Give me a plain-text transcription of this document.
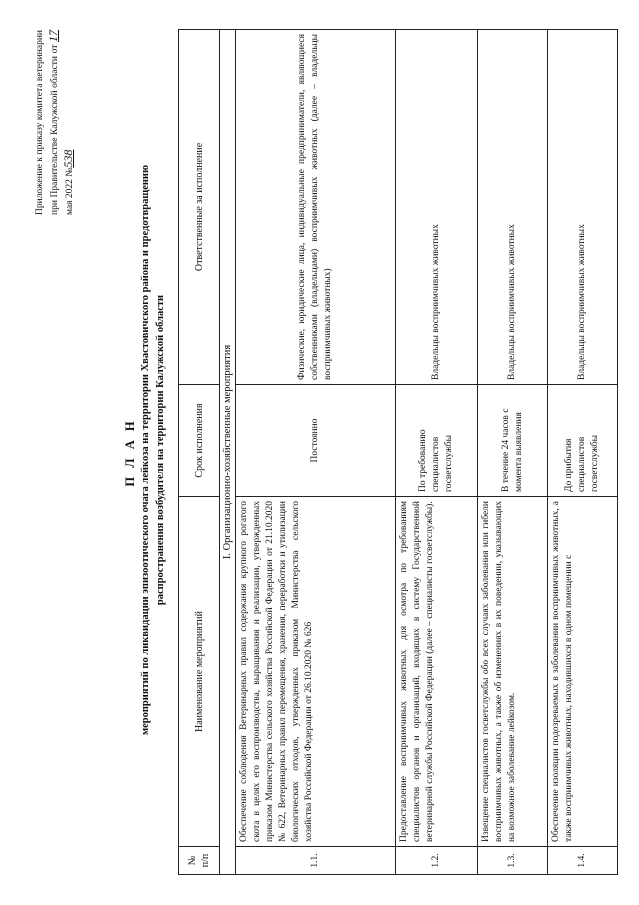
Приложение к приказу комитета ветеринарии при Правительстве Калужской области от 17 мая 2022 №538
П Л А Н мероприятий по ликвидации эпизоотического очага лейкоза на территории Хвастовичского района и предотвращению распространения возбудителя на территории Калужской области
№ п/п	Наименование мероприятий	Срок исполнения	Ответственные за исполнение
I. Организационно-хозяйственные мероприятия			
1.1.	Обеспечение соблюдения Ветеринарных правил содержания крупного рогатого скота в целях его воспроизводства, выращивания и реализации, утвержденных приказом Министерства сельского хозяйства Российской Федерации от 21.10.2020 № 622, Ветеринарных правил перемещения, хранения, переработки и утилизации биологических отходов, утвержденных приказом Министерства сельского хозяйства Российской Федерации от 26.10.2020 № 626	Постоянно	Физические, юридические лица, индивидуальные предприниматели, являющиеся собственниками (владельцами) восприимчивых животных (далее – владельцы восприимчивых животных)
1.2.	Предоставление восприимчивых животных для осмотра по требованиям специалистов органов и организаций, входящих в систему Государственной ветеринарной службы Российской Федерации (далее – специалисты госветслужбы).	По требованию специалистов госветслужбы	Владельцы восприимчивых животных
1.3.	Извещение специалистов госветслужбы обо всех случаях заболевания или гибели восприимчивых животных, а также об изменениях в их поведении, указывающих на возможное заболевание лейкозом.	В течение 24 часов с момента выявления	Владельцы восприимчивых животных
1.4.	Обеспечение изоляции подозреваемых в заболевании восприимчивых животных, а также восприимчивых животных, находившихся в одном помещении с	До прибытия специалистов госветслужбы	Владельцы восприимчивых животных
